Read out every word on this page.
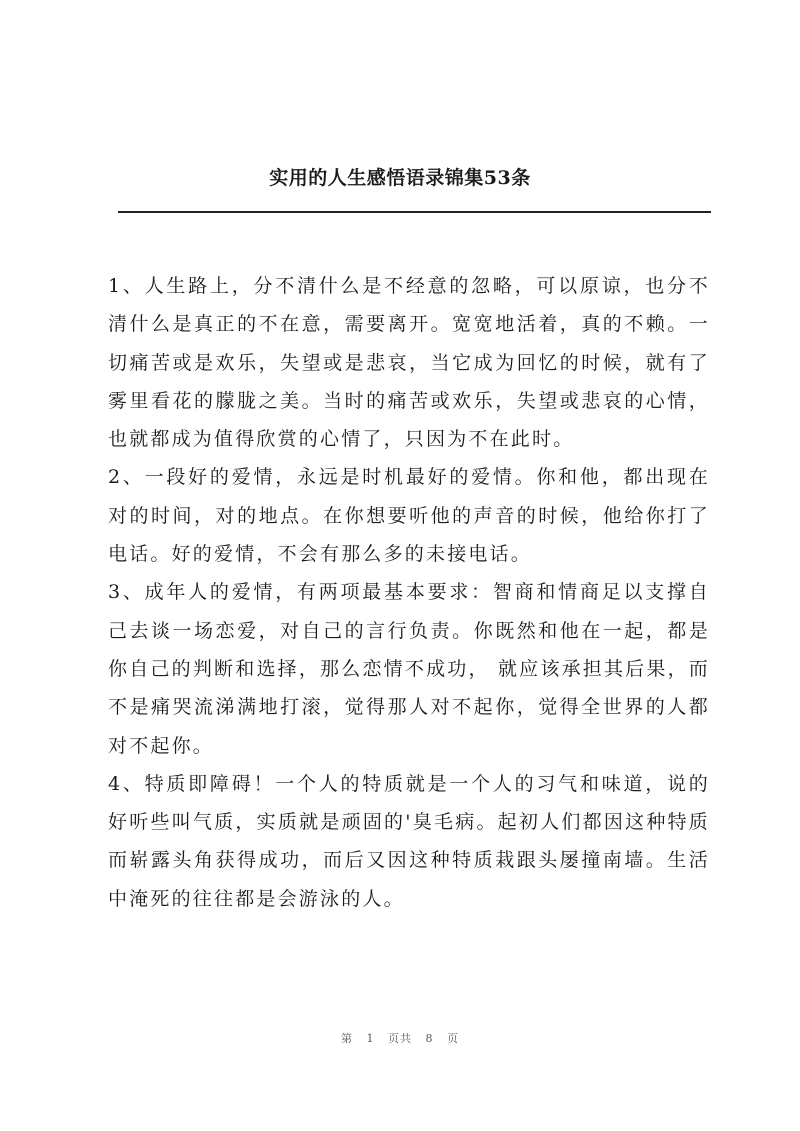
实用的人生感悟语录锦集53条

1、人生路上，分不清什么是不经意的忽略，可以原谅，也分不清什么是真正的不在意，需要离开。宽宽地活着，真的不赖。一切痛苦或是欢乐，失望或是悲哀，当它成为回忆的时候，就有了雾里看花的朦胧之美。当时的痛苦或欢乐，失望或悲哀的心情，也就都成为值得欣赏的心情了，只因为不在此时。

2、一段好的爱情，永远是时机最好的爱情。你和他，都出现在对的时间，对的地点。在你想要听他的声音的时候，他给你打了电话。好的爱情，不会有那么多的未接电话。

3、成年人的爱情，有两项最基本要求：智商和情商足以支撑自己去谈一场恋爱，对自己的言行负责。你既然和他在一起，都是你自己的判断和选择，那么恋情不成功， 就应该承担其后果，而不是痛哭流涕满地打滚，觉得那人对不起你，觉得全世界的人都对不起你。

4、特质即障碍！一个人的特质就是一个人的习气和味道，说的好听些叫气质，实质就是顽固的'臭毛病。起初人们都因这种特质而崭露头角获得成功，而后又因这种特质栽跟头屡撞南墙。生活中淹死的往往都是会游泳的人。

第 1 页共 8 页
